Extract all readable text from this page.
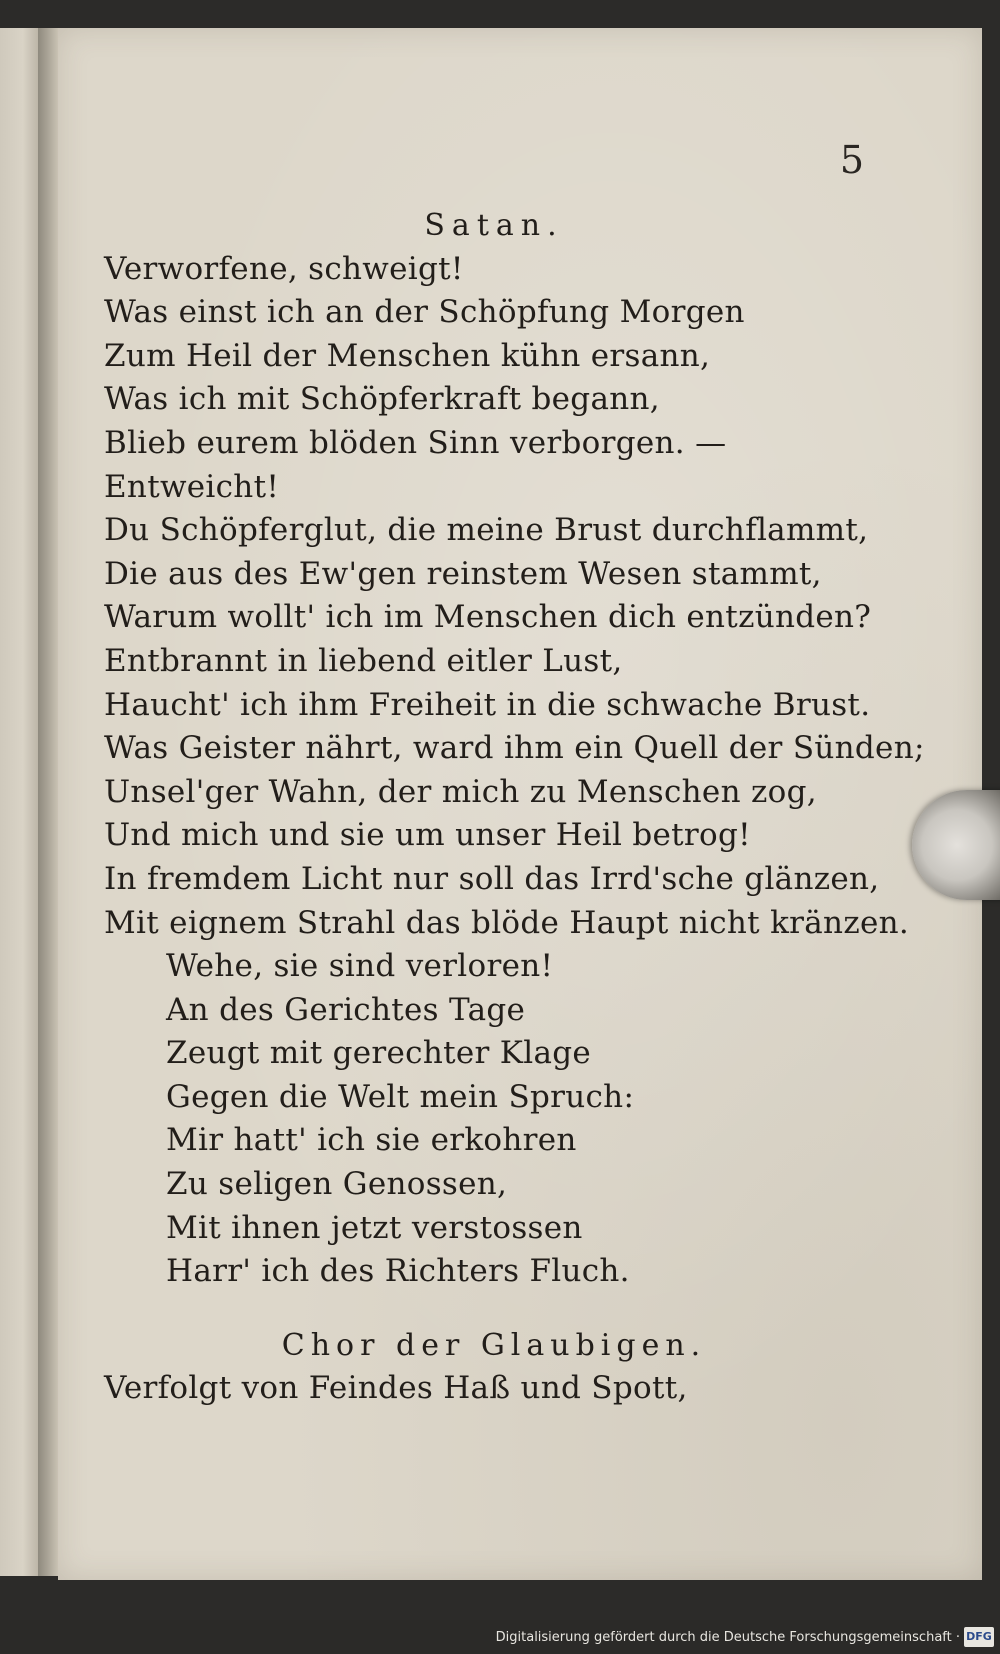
5
Satan.
Verworfene, schweigt!
Was einst ich an der Schöpfung Morgen
Zum Heil der Menschen kühn ersann,
Was ich mit Schöpferkraft begann,
Blieb eurem blöden Sinn verborgen. —
Entweicht!
Du Schöpferglut, die meine Brust durchflammt,
Die aus des Ew'gen reinstem Wesen stammt,
Warum wollt' ich im Menschen dich entzünden?
Entbrannt in liebend eitler Lust,
Haucht' ich ihm Freiheit in die schwache Brust.
Was Geister nährt, ward ihm ein Quell der Sünden;
Unsel'ger Wahn, der mich zu Menschen zog,
Und mich und sie um unser Heil betrog!
In fremdem Licht nur soll das Irrd'sche glänzen,
Mit eignem Strahl das blöde Haupt nicht kränzen.
Wehe, sie sind verloren!
An des Gerichtes Tage
Zeugt mit gerechter Klage
Gegen die Welt mein Spruch:
Mir hatt' ich sie erkohren
Zu seligen Genossen,
Mit ihnen jetzt verstossen
Harr' ich des Richters Fluch.
Chor der Glaubigen.
Verfolgt von Feindes Haß und Spott,
Digitalisierung gefördert durch die Deutsche Forschungsgemeinschaft · DFG
